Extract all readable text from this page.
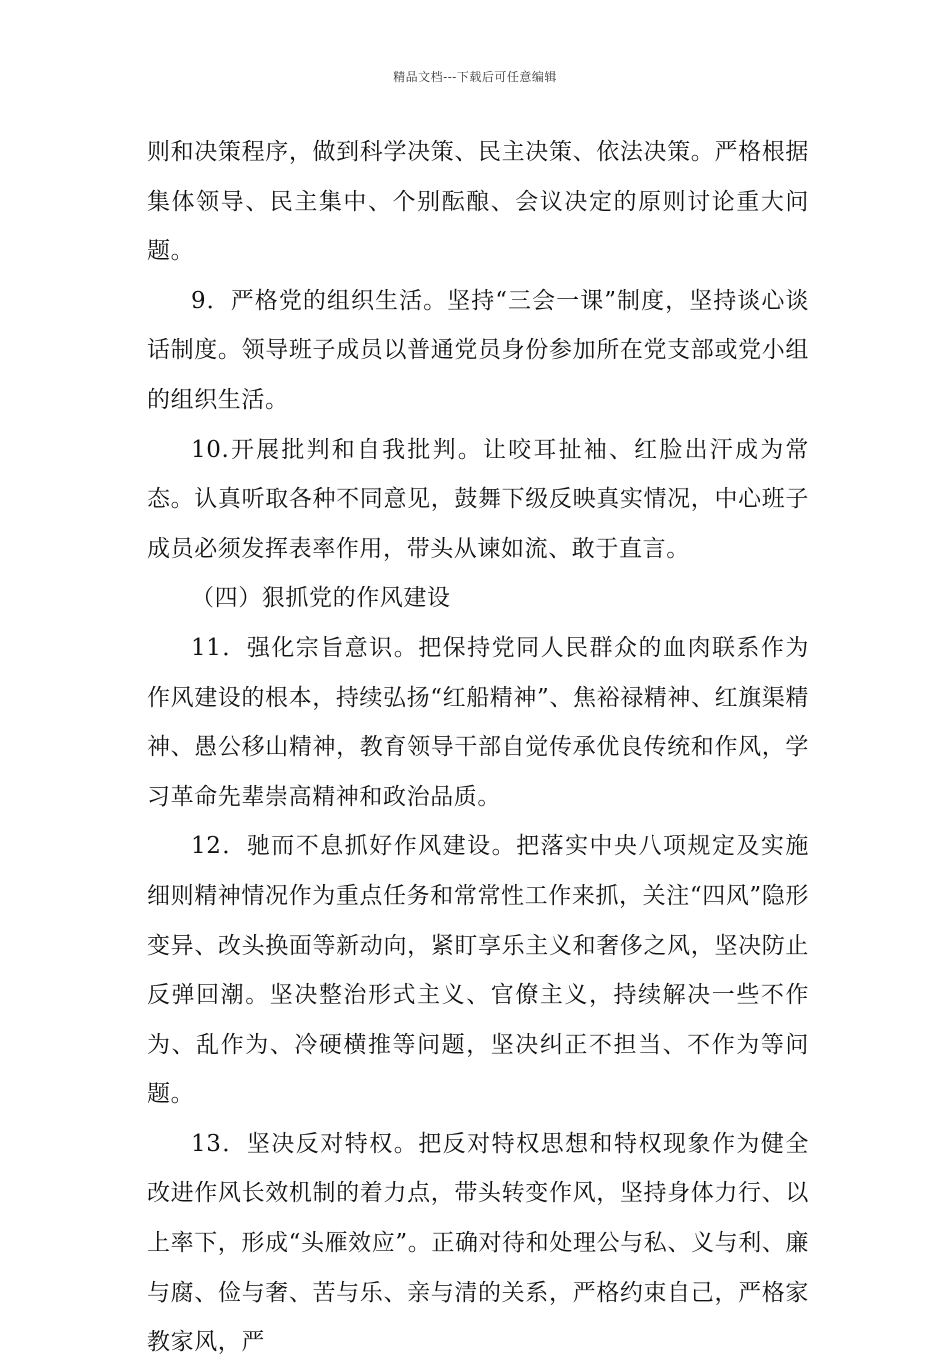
精品文档---下载后可任意编辑

则和决策程序，做到科学决策、民主决策、依法决策。严格根据集体领导、民主集中、个别酝酿、会议决定的原则讨论重大问题。

9．严格党的组织生活。坚持“三会一课”制度，坚持谈心谈话制度。领导班子成员以普通党员身份参加所在党支部或党小组的组织生活。

10.开展批判和自我批判。让咬耳扯袖、红脸出汗成为常态。认真听取各种不同意见，鼓舞下级反映真实情况，中心班子成员必须发挥表率作用，带头从谏如流、敢于直言。

（四）狠抓党的作风建设

11．强化宗旨意识。把保持党同人民群众的血肉联系作为作风建设的根本，持续弘扬“红船精神”、焦裕禄精神、红旗渠精神、愚公移山精神，教育领导干部自觉传承优良传统和作风，学习革命先辈崇高精神和政治品质。

12．驰而不息抓好作风建设。把落实中央八项规定及实施细则精神情况作为重点任务和常常性工作来抓，关注“四风”隐形变异、改头换面等新动向，紧盯享乐主义和奢侈之风，坚决防止反弹回潮。坚决整治形式主义、官僚主义，持续解决一些不作为、乱作为、冷硬横推等问题，坚决纠正不担当、不作为等问题。

13．坚决反对特权。把反对特权思想和特权现象作为健全改进作风长效机制的着力点，带头转变作风，坚持身体力行、以上率下，形成“头雁效应”。正确对待和处理公与私、义与利、廉与腐、俭与奢、苦与乐、亲与清的关系，严格约束自己，严格家教家风，严
